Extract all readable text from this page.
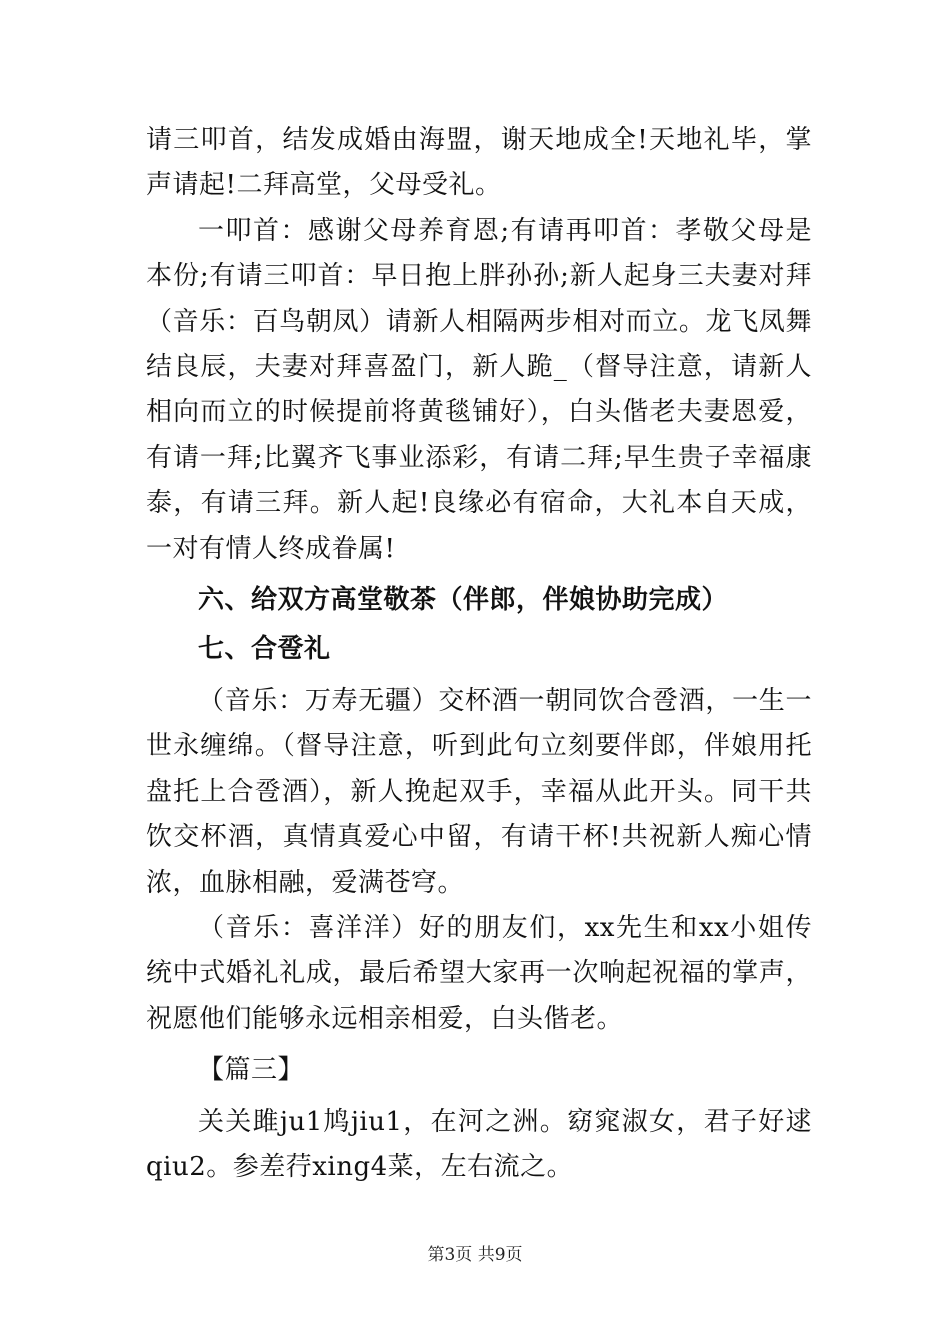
请三叩首，结发成婚由海盟，谢天地成全!天地礼毕，掌声请起!二拜高堂，父母受礼。

一叩首：感谢父母养育恩;有请再叩首：孝敬父母是本份;有请三叩首：早日抱上胖孙孙;新人起身三夫妻对拜（音乐：百鸟朝凤）请新人相隔两步相对而立。龙飞凤舞结良辰，夫妻对拜喜盈门，新人跪_（督导注意，请新人相向而立的时候提前将黄毯铺好），白头偕老夫妻恩爱，有请一拜;比翼齐飞事业添彩，有请二拜;早生贵子幸福康泰，有请三拜。新人起!良缘必有宿命，大礼本自天成，一对有情人终成眷属!

六、给双方高堂敬茶（伴郎，伴娘协助完成）

七、合卺礼

（音乐：万寿无疆）交杯酒一朝同饮合卺酒，一生一世永缠绵。（督导注意，听到此句立刻要伴郎，伴娘用托盘托上合卺酒），新人挽起双手，幸福从此开头。同干共饮交杯酒，真情真爱心中留，有请干杯!共祝新人痴心情浓，血脉相融，爱满苍穹。

（音乐：喜洋洋）好的朋友们，xx先生和xx小姐传统中式婚礼礼成，最后希望大家再一次响起祝福的掌声，祝愿他们能够永远相亲相爱，白头偕老。

【篇三】

关关雎ju1鸠jiu1，在河之洲。窈窕淑女，君子好逑qiu2。参差荇xing4菜，左右流之。

第3页 共9页
